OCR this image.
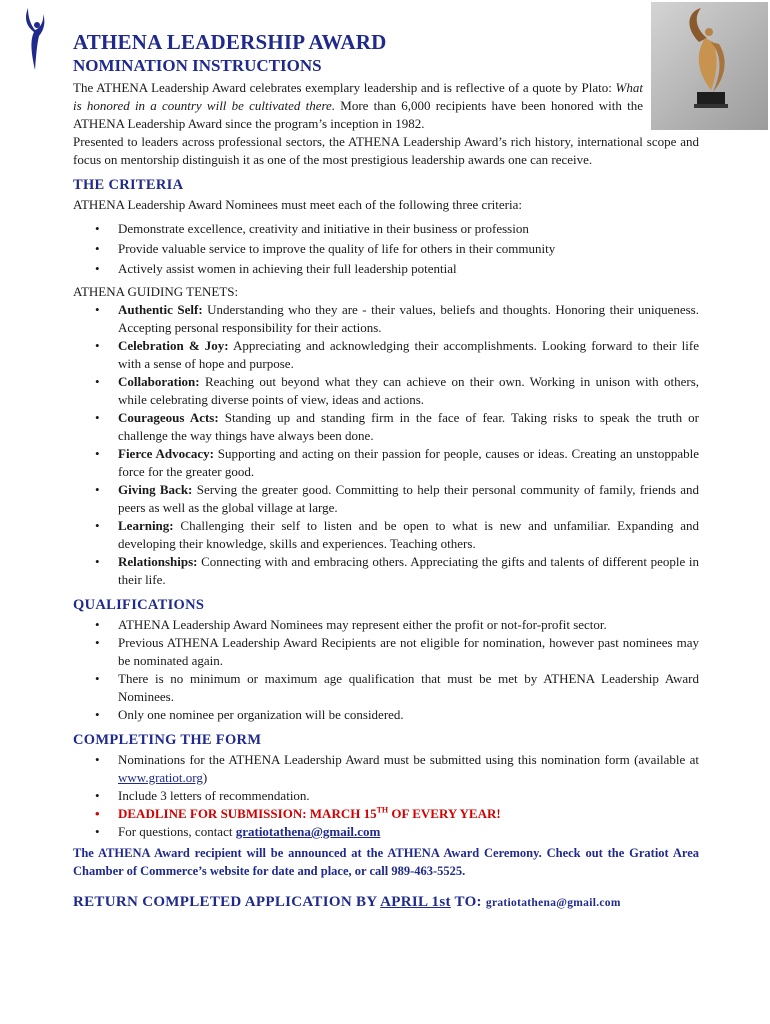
ATHENA LEADERSHIP AWARD
NOMINATION INSTRUCTIONS

The ATHENA Leadership Award celebrates exemplary leadership and is reflective of a quote by Plato: What is honored in a country will be cultivated there. More than 6,000 recipients have been honored with the ATHENA Leadership Award since the program’s inception in 1982.

Presented to leaders across professional sectors, the ATHENA Leadership Award’s rich history, international scope and focus on mentorship distinguish it as one of the most prestigious leadership awards one can receive.

THE CRITERIA

ATHENA Leadership Award Nominees must meet each of the following three criteria:

• Demonstrate excellence, creativity and initiative in their business or profession
• Provide valuable service to improve the quality of life for others in their community
• Actively assist women in achieving their full leadership potential

ATHENA GUIDING TENETS:

• Authentic Self: Understanding who they are - their values, beliefs and thoughts. Honoring their uniqueness. Accepting personal responsibility for their actions.
• Celebration & Joy: Appreciating and acknowledging their accomplishments. Looking forward to their life with a sense of hope and purpose.
• Collaboration: Reaching out beyond what they can achieve on their own. Working in unison with others, while celebrating diverse points of view, ideas and actions.
• Courageous Acts: Standing up and standing firm in the face of fear. Taking risks to speak the truth or challenge the way things have always been done.
• Fierce Advocacy: Supporting and acting on their passion for people, causes or ideas. Creating an unstoppable force for the greater good.
• Giving Back: Serving the greater good. Committing to help their personal community of family, friends and peers as well as the global village at large.
• Learning: Challenging their self to listen and be open to what is new and unfamiliar. Expanding and developing their knowledge, skills and experiences. Teaching others.
• Relationships: Connecting with and embracing others. Appreciating the gifts and talents of different people in their life.
QUALIFICATIONS
• ATHENA Leadership Award Nominees may represent either the profit or not-for-profit sector.
• Previous ATHENA Leadership Award Recipients are not eligible for nomination, however past nominees may be nominated again.
• There is no minimum or maximum age qualification that must be met by ATHENA Leadership Award Nominees.
• Only one nominee per organization will be considered.
COMPLETING THE FORM
• Nominations for the ATHENA Leadership Award must be submitted using this nomination form (available at www.gratiot.org)
• Include 3 letters of recommendation.
• DEADLINE FOR SUBMISSION: MARCH 15TH OF EVERY YEAR!
• For questions, contact gratiotathena@gmail.com

The ATHENA Award recipient will be announced at the ATHENA Award Ceremony. Check out the Gratiot Area Chamber of Commerce’s website for date and place, or call 989-463-5525.

RETURN COMPLETED APPLICATION BY APRIL 1st TO: gratiotathena@gmail.com
